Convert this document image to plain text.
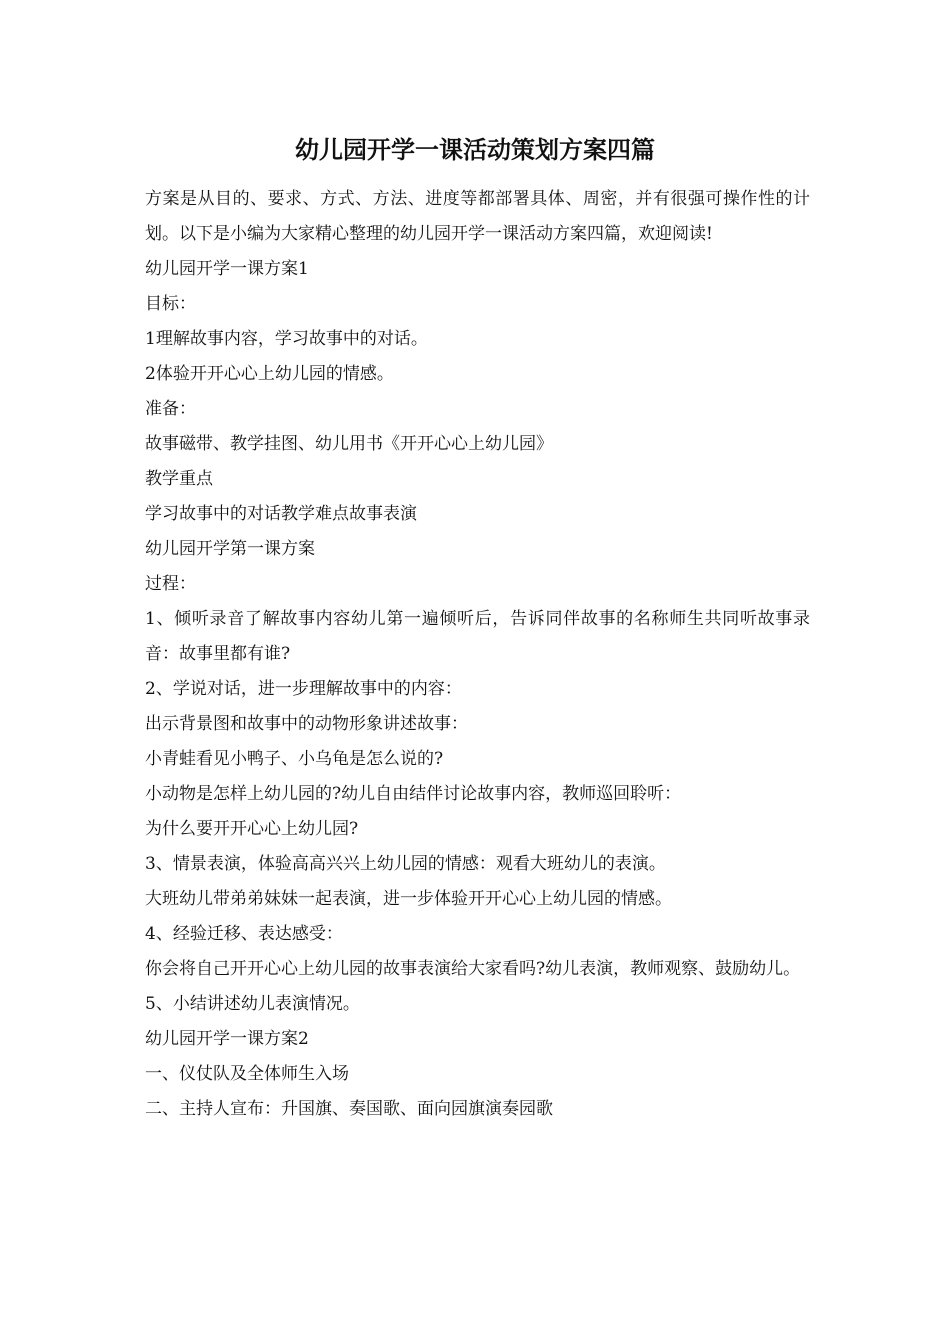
幼儿园开学一课活动策划方案四篇

方案是从目的、要求、方式、方法、进度等都部署具体、周密，并有很强可操作性的计划。以下是小编为大家精心整理的幼儿园开学一课活动方案四篇，欢迎阅读!

幼儿园开学一课方案1

目标：

1理解故事内容，学习故事中的对话。

2体验开开心心上幼儿园的情感。

准备：

故事磁带、教学挂图、幼儿用书《开开心心上幼儿园》

教学重点

学习故事中的对话教学难点故事表演

幼儿园开学第一课方案

过程：

1、倾听录音了解故事内容幼儿第一遍倾听后，告诉同伴故事的名称师生共同听故事录音：故事里都有谁?

2、学说对话，进一步理解故事中的内容：

出示背景图和故事中的动物形象讲述故事：

小青蛙看见小鸭子、小乌龟是怎么说的?

小动物是怎样上幼儿园的?幼儿自由结伴讨论故事内容，教师巡回聆听：

为什么要开开心心上幼儿园?

3、情景表演，体验高高兴兴上幼儿园的情感：观看大班幼儿的表演。

大班幼儿带弟弟妹妹一起表演，进一步体验开开心心上幼儿园的情感。

4、经验迁移、表达感受：

你会将自己开开心心上幼儿园的故事表演给大家看吗?幼儿表演，教师观察、鼓励幼儿。

5、小结讲述幼儿表演情况。

幼儿园开学一课方案2

一、仪仗队及全体师生入场

二、主持人宣布：升国旗、奏国歌、面向园旗演奏园歌
